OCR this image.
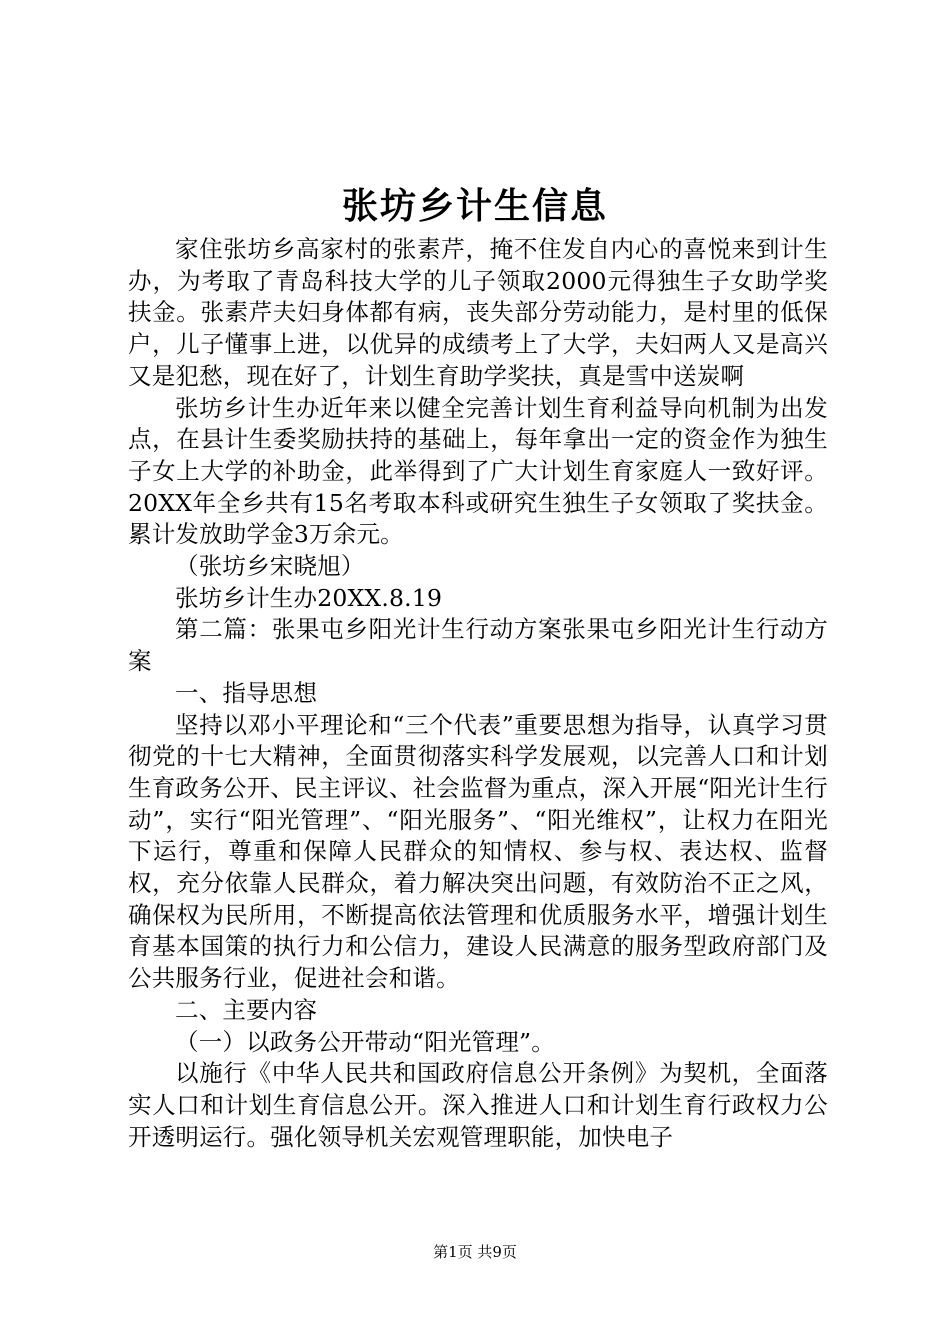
张坊乡计生信息

家住张坊乡高家村的张素芹，掩不住发自内心的喜悦来到计生办，为考取了青岛科技大学的儿子领取2000元得独生子女助学奖扶金。张素芹夫妇身体都有病，丧失部分劳动能力，是村里的低保户，儿子懂事上进，以优异的成绩考上了大学，夫妇两人又是高兴又是犯愁，现在好了，计划生育助学奖扶，真是雪中送炭啊

张坊乡计生办近年来以健全完善计划生育利益导向机制为出发点，在县计生委奖励扶持的基础上，每年拿出一定的资金作为独生子女上大学的补助金，此举得到了广大计划生育家庭人一致好评。20XX年全乡共有15名考取本科或研究生独生子女领取了奖扶金。累计发放助学金3万余元。

（张坊乡宋晓旭）

张坊乡计生办20XX.8.19

第二篇：张果屯乡阳光计生行动方案张果屯乡阳光计生行动方案

一、指导思想

坚持以邓小平理论和“三个代表”重要思想为指导，认真学习贯彻党的十七大精神，全面贯彻落实科学发展观，以完善人口和计划生育政务公开、民主评议、社会监督为重点，深入开展“阳光计生行动”，实行“阳光管理”、“阳光服务”、“阳光维权”，让权力在阳光下运行，尊重和保障人民群众的知情权、参与权、表达权、监督权，充分依靠人民群众，着力解决突出问题，有效防治不正之风，确保权为民所用，不断提高依法管理和优质服务水平，增强计划生育基本国策的执行力和公信力，建设人民满意的服务型政府部门及公共服务行业，促进社会和谐。

二、主要内容

（一）以政务公开带动“阳光管理”。

以施行《中华人民共和国政府信息公开条例》为契机，全面落实人口和计划生育信息公开。深入推进人口和计划生育行政权力公开透明运行。强化领导机关宏观管理职能，加快电子

第1页 共9页
